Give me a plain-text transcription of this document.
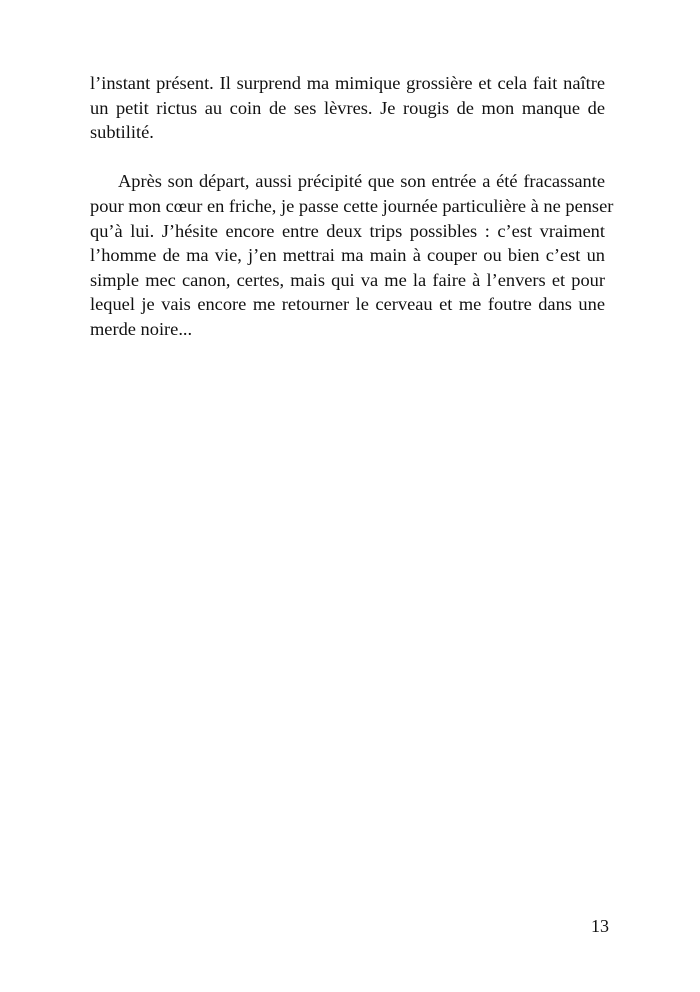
l’instant présent. Il surprend ma mimique grossière et cela fait naître
un petit rictus au coin de ses lèvres. Je rougis de mon manque de
subtilité.

Après son départ, aussi précipité que son entrée a été fracassante
pour mon cœur en friche, je passe cette journée particulière à ne penser
qu’à lui. J’hésite encore entre deux trips possibles : c’est vraiment
l’homme de ma vie, j’en mettrai ma main à couper ou bien c’est un
simple mec canon, certes, mais qui va me la faire à l’envers et pour
lequel je vais encore me retourner le cerveau et me foutre dans une
merde noire...

13
